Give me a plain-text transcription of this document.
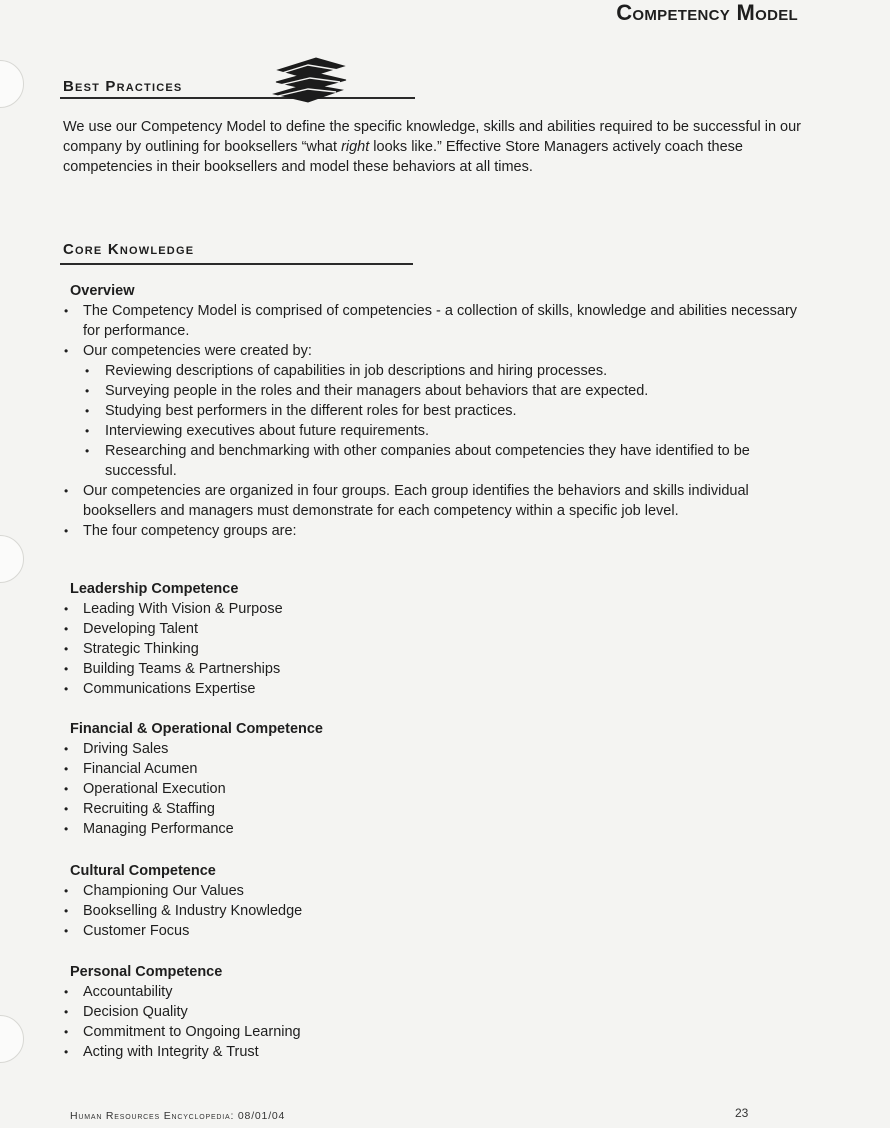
Competency Model
Best Practices
We use our Competency Model to define the specific knowledge, skills and abilities required to be successful in our company by outlining for booksellers “what right looks like.” Effective Store Managers actively coach these competencies in their booksellers and model these behaviors at all times.
Core Knowledge

Overview

• The Competency Model is comprised of competencies - a collection of skills, knowledge and abilities necessary for performance.
• Our competencies were created by:
• Reviewing descriptions of capabilities in job descriptions and hiring processes.
• Surveying people in the roles and their managers about behaviors that are expected.
• Studying best performers in the different roles for best practices.
• Interviewing executives about future requirements.
• Researching and benchmarking with other companies about competencies they have identified to be successful.
• Our competencies are organized in four groups. Each group identifies the behaviors and skills individual booksellers and managers must demonstrate for each competency within a specific job level.
• The four competency groups are:

Leadership Competence

• Leading With Vision & Purpose
• Developing Talent
• Strategic Thinking
• Building Teams & Partnerships
• Communications Expertise

Financial & Operational Competence

• Driving Sales
• Financial Acumen
• Operational Execution
• Recruiting & Staffing
• Managing Performance

Cultural Competence

• Championing Our Values
• Bookselling & Industry Knowledge
• Customer Focus

Personal Competence

• Accountability
• Decision Quality
• Commitment to Ongoing Learning
• Acting with Integrity & Trust
Human Resources Encyclopedia: 08/01/04	23
